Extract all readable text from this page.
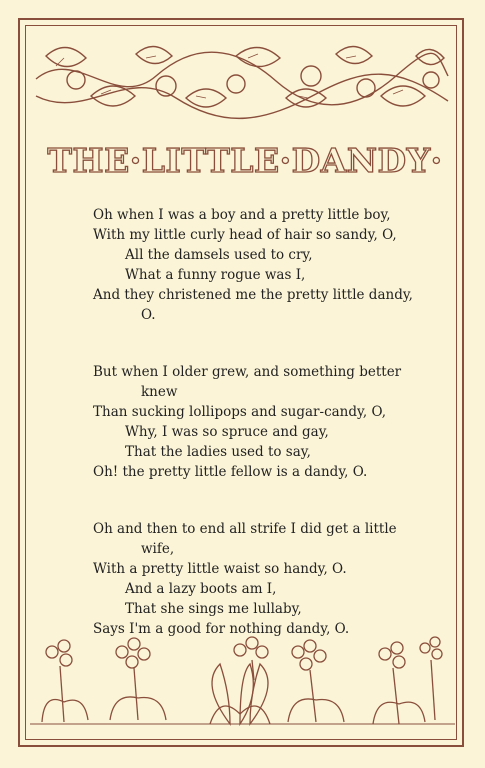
THE·LITTLE·DANDY·
Oh when I was a boy and a pretty little boy,
With my little curly head of hair so sandy, O,
All the damsels used to cry,
What a funny rogue was I,
And they christened me the pretty little dandy,
O.
But when I older grew, and something better
knew
Than sucking lollipops and sugar-candy, O,
Why, I was so spruce and gay,
That the ladies used to say,
Oh! the pretty little fellow is a dandy, O.
Oh and then to end all strife I did get a little
wife,
With a pretty little waist so handy, O.
And a lazy boots am I,
That she sings me lullaby,
Says I'm a good for nothing dandy, O.
